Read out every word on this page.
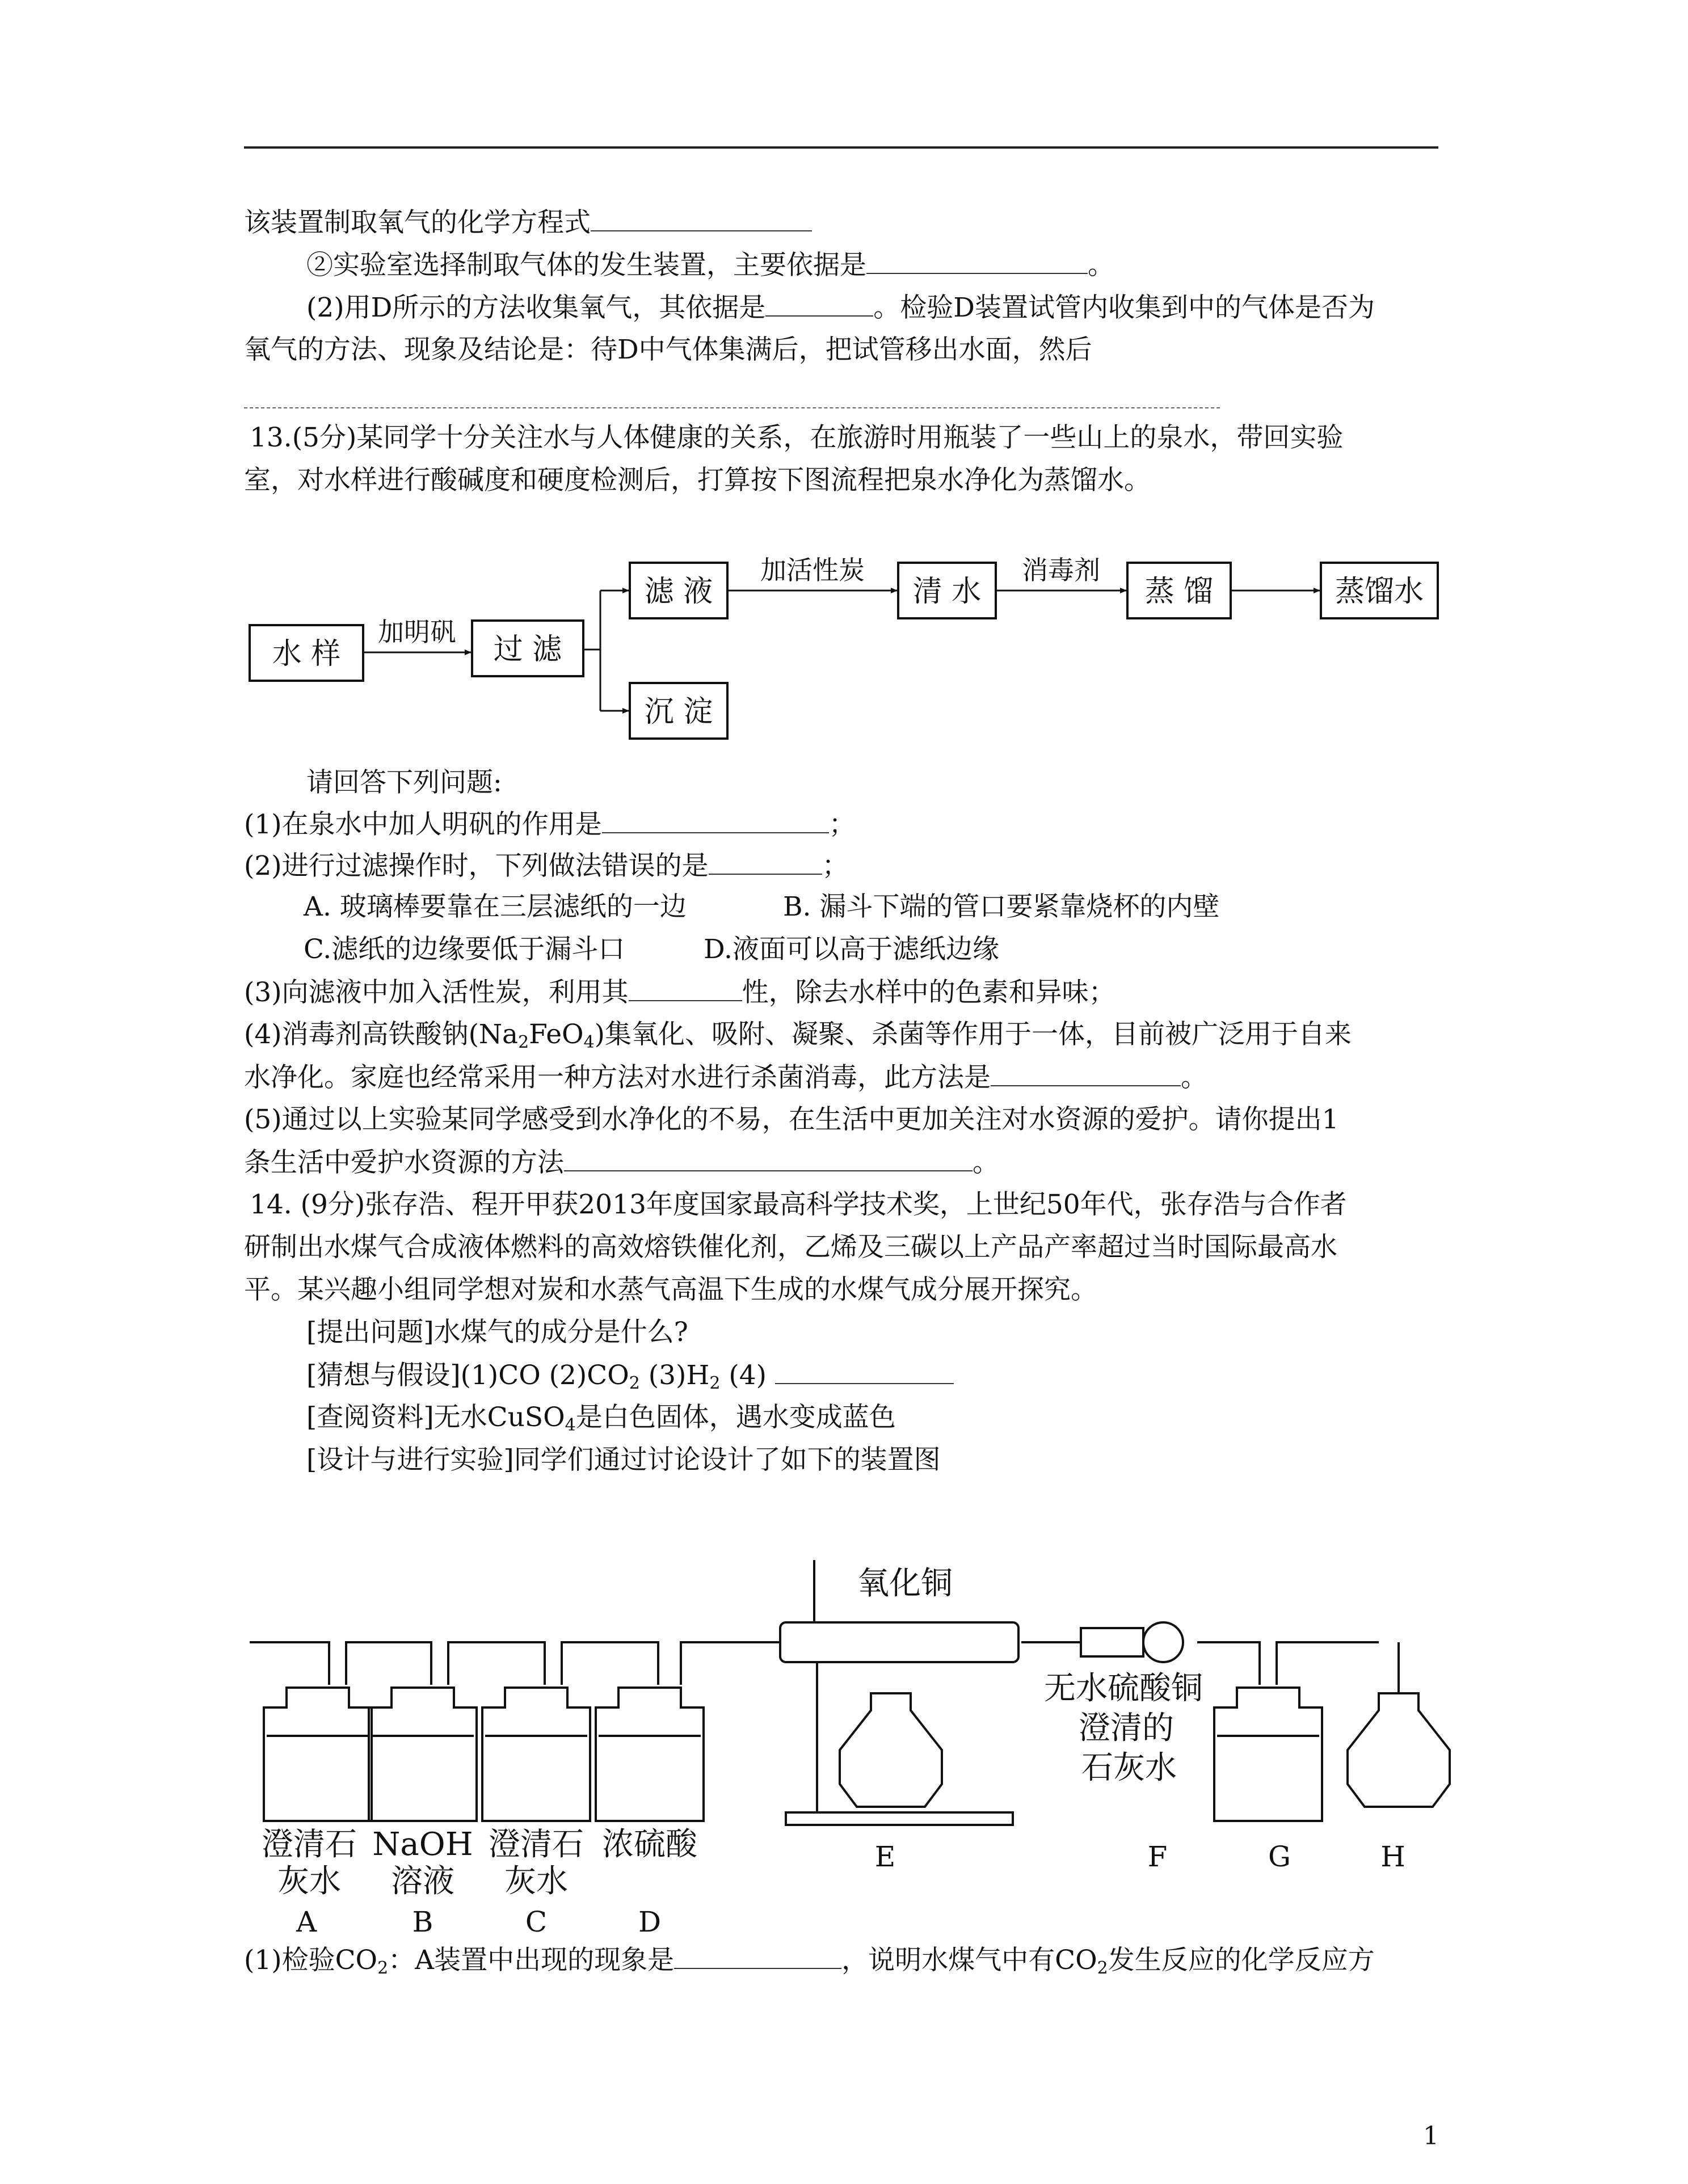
该装置制取氧气的化学方程式
②实验室选择制取气体的发生装置，主要依据是	。
(2)用D所示的方法收集氧气，其依据是	。检验D装置试管内收集到中的气体是否为
氧气的方法、现象及结论是：待D中气体集满后，把试管移出水面，然后
13.(5分)某同学十分关注水与人体健康的关系，在旅游时用瓶装了一些山上的泉水，带回实验
室，对水样进行酸碱度和硬度检测后，打算按下图流程把泉水净化为蒸馏水。
水 样	过 滤
滤 液	清 水	蒸 馏	蒸馏水
沉 淀
加明矾
加活性炭	消毒剂
请回答下列问题:
(1)在泉水中加人明矾的作用是	；
(2)进行过滤操作时，下列做法错误的是	；
A. 玻璃棒要靠在三层滤纸的一边	B. 漏斗下端的管口要紧靠烧杯的内壁
C.滤纸的边缘要低于漏斗口	D.液面可以高于滤纸边缘
(3)向滤液中加入活性炭，利用其	性，除去水样中的色素和异味；
(4)消毒剂高铁酸钠$(Na_2FeO_4)$集氧化、吸附、凝聚、杀菌等作用于一体，目前被广泛用于自来
水净化。家庭也经常采用一种方法对水进行杀菌消毒，此方法是	。
(5)通过以上实验某同学感受到水净化的不易，在生活中更加关注对水资源的爱护。请你提出1
条生活中爱护水资源的方法	。
14. (9分)张存浩、程开甲获2013年度国家最高科学技术奖，上世纪50年代，张存浩与合作者
研制出水煤气合成液体燃料的高效熔铁催化剂，乙烯及三碳以上产品产率超过当时国际最高水
平。某兴趣小组同学想对炭和水蒸气高温下生成的水煤气成分展开探究。
[提出问题]水煤气的成分是什么?
[猜想与假设](1)CO $(2)CO_2$ $(3)H_2$ (4)
[查阅资料]无水CuSO$_4$是白色固体，遇水变成蓝色
[设计与进行实验]同学们通过讨论设计了如下的装置图
氧化铜
无水硫酸铜
澄清的
石灰水
澄清石
灰水
A
NaOH
溶液
B
澄清石
灰水
C
浓硫酸
D
E	F	G	H
(1)检验$CO_2$：A装置中出现的现象是	，说明水煤气中有$CO_2$发生反应的化学反应方
1
